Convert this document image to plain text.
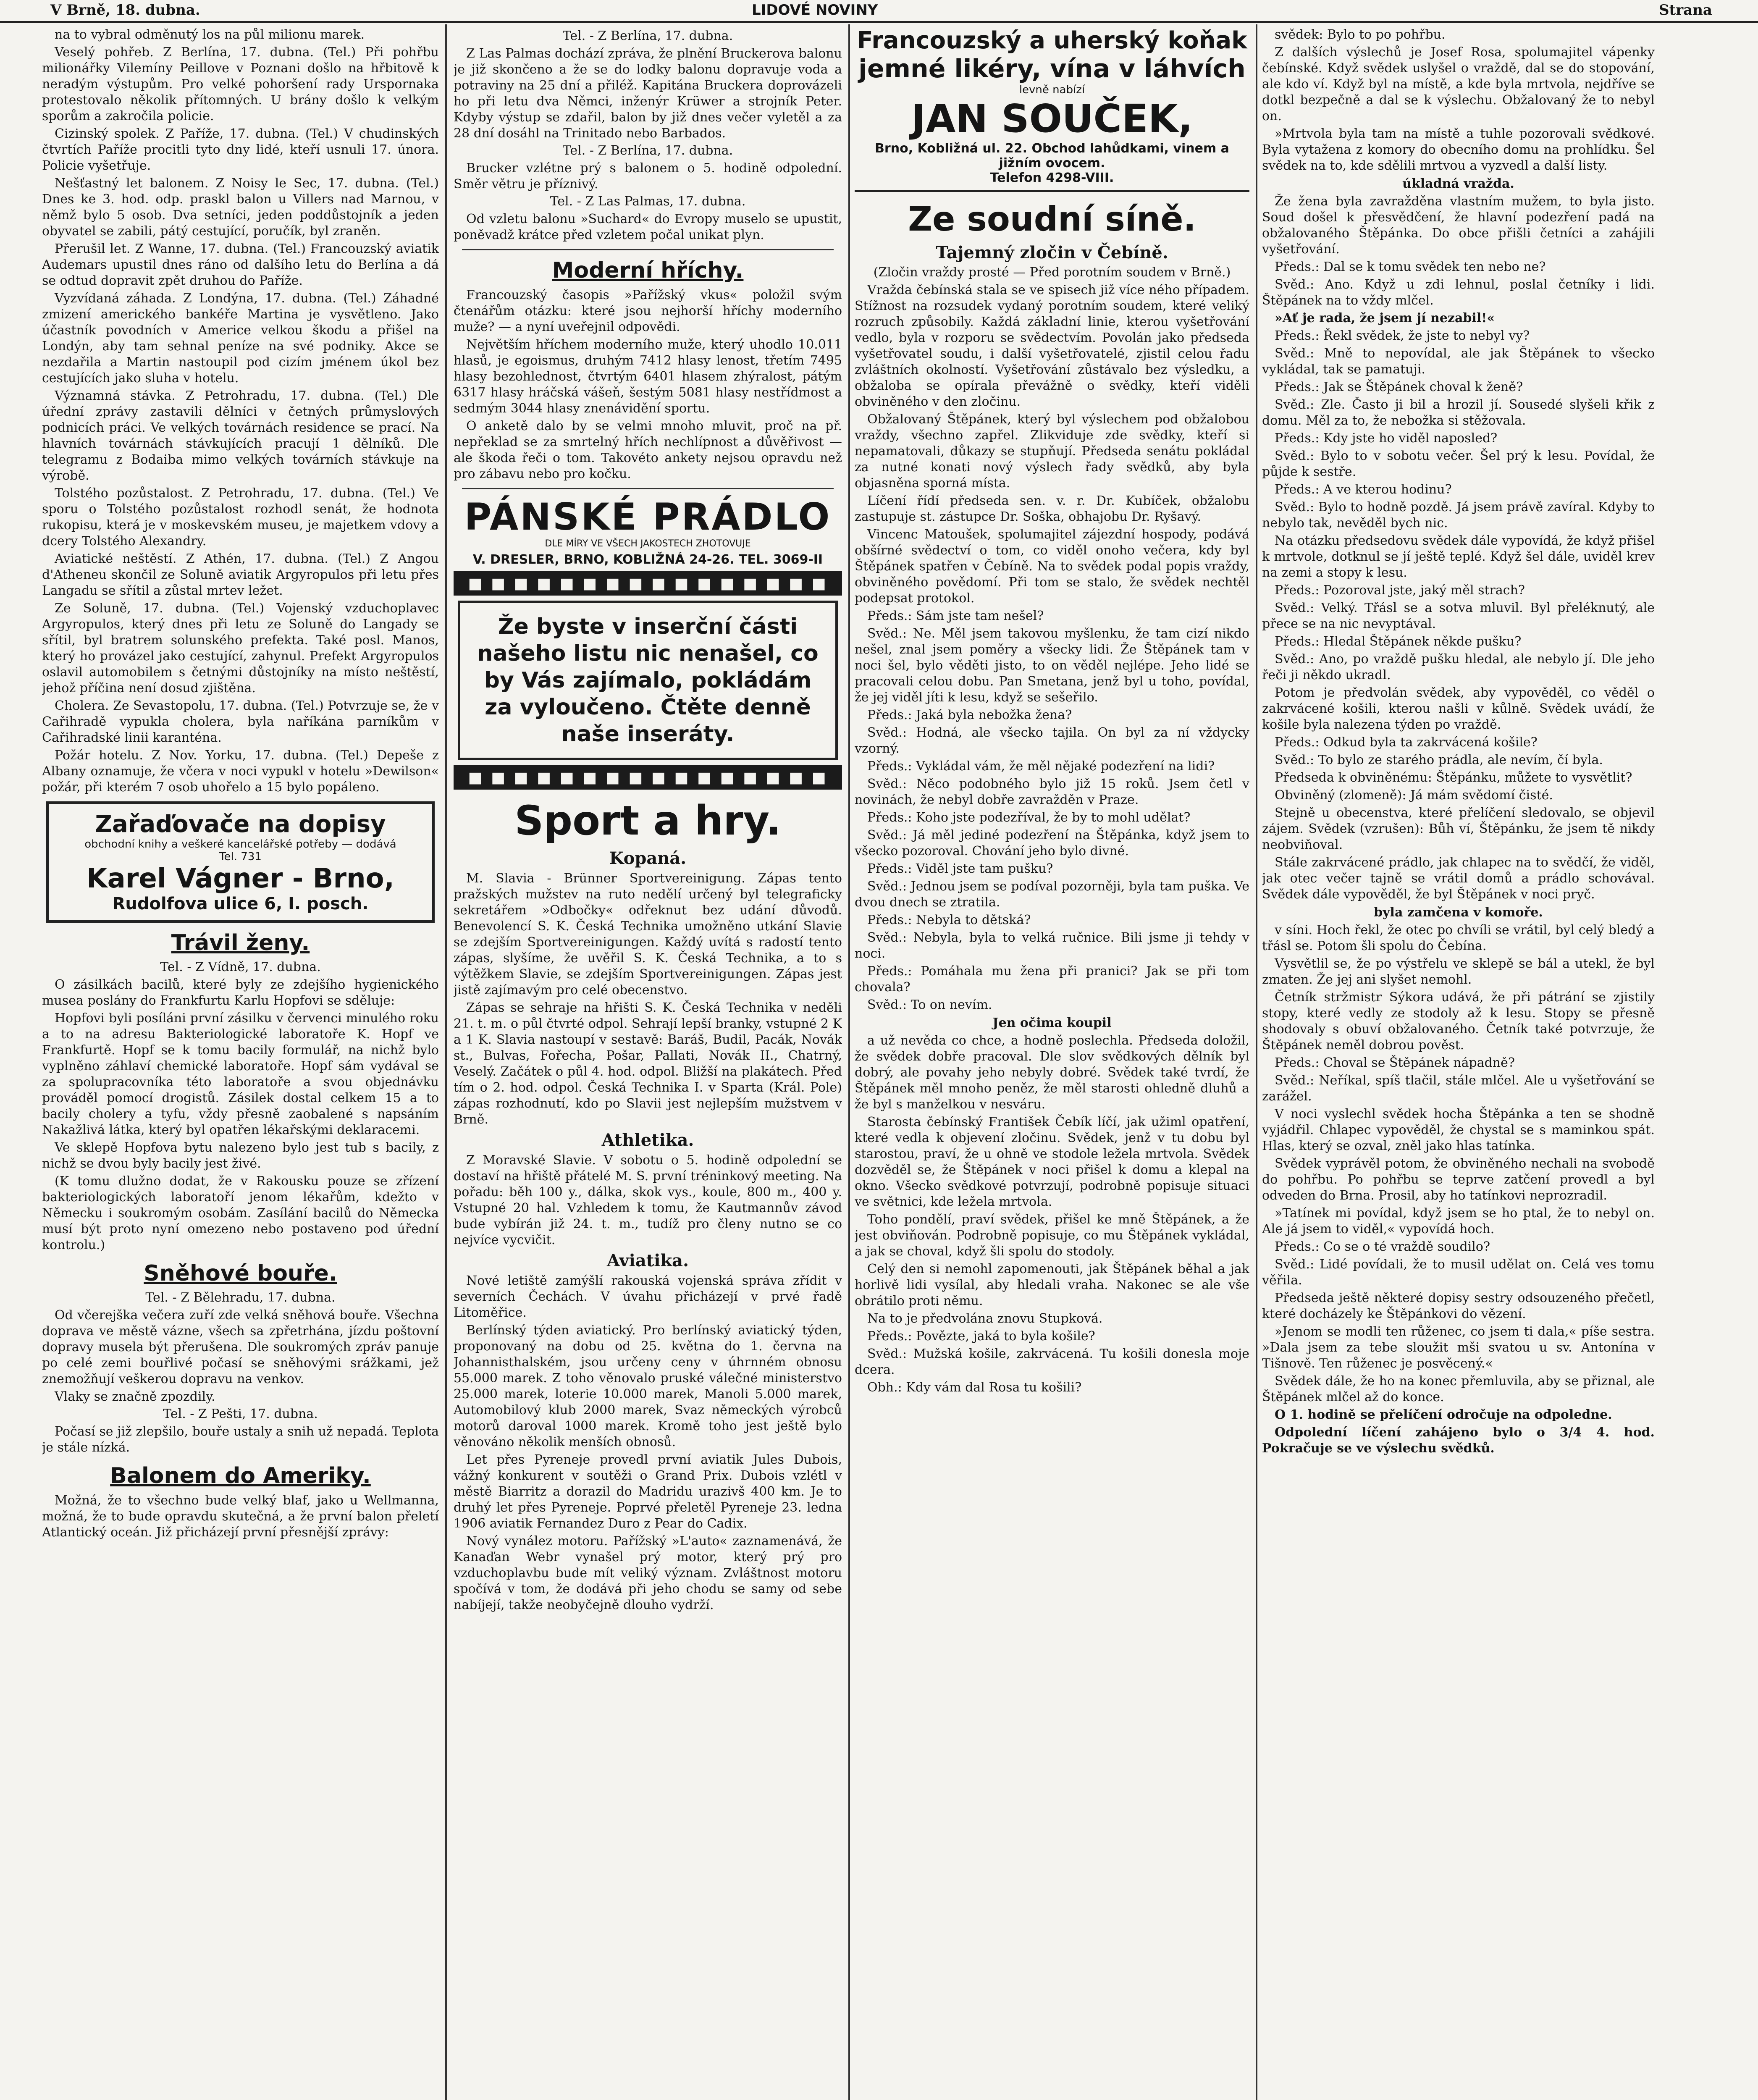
V Brně, 18. dubna.	LIDOVÉ NOVINY	Strana

na to vybral odměnutý los na půl milionu marek.

Veselý pohřeb. Z Berlína, 17. dubna. (Tel.) Při pohřbu milionářky Vilemíny Peillove v Poznani došlo na hřbitově k neradým výstupům. Pro velké pohoršení rady Urspornaka protestovalo několik přítomných. U brány došlo k velkým sporům a zakročila policie.

Cizinský spolek. Z Paříže, 17. dubna. (Tel.) V chudinských čtvrtích Paříže procitli tyto dny lidé, kteří usnuli 17. února. Policie vyšetřuje.

Nešťastný let balonem. Z Noisy le Sec, 17. dubna. (Tel.) Dnes ke 3. hod. odp. praskl balon u Villers nad Marnou, v němž bylo 5 osob. Dva setníci, jeden poddůstojník a jeden obyvatel se zabili, pátý cestující, poručík, byl zraněn.

Přerušil let. Z Wanne, 17. dubna. (Tel.) Francouzský aviatik Audemars upustil dnes ráno od dalšího letu do Berlína a dá se odtud dopravit zpět druhou do Paříže.

Vyzvídaná záhada. Z Londýna, 17. dubna. (Tel.) Záhadné zmizení amerického bankéře Martina je vysvětleno. Jako účastník povodních v Americe velkou škodu a přišel na Londýn, aby tam sehnal peníze na své podniky. Akce se nezdařila a Martin nastoupil pod cizím jménem úkol bez cestujících jako sluha v hotelu.

Významná stávka. Z Petrohradu, 17. dubna. (Tel.) Dle úřední zprávy zastavili dělníci v četných průmyslových podnicích práci. Ve velkých továrnách residence se prací. Na hlavních továrnách stávkujících pracují 1 dělníků. Dle telegramu z Bodaiba mimo velkých továrních stávkuje na výrobě.

Tolstého pozůstalost. Z Petrohradu, 17. dubna. (Tel.) Ve sporu o Tolstého pozůstalost rozhodl senát, že hodnota rukopisu, která je v moskevském museu, je majetkem vdovy a dcery Tolstého Alexandry.

Aviatické neštěstí. Z Athén, 17. dubna. (Tel.) Z Angou d'Atheneu skončil ze Soluně aviatik Argyropulos při letu přes Langadu se sřítil a zůstal mrtev ležet.

Ze Soluně, 17. dubna. (Tel.) Vojenský vzduchoplavec Argyropulos, který dnes při letu ze Soluně do Langady se sřítil, byl bratrem solunského prefekta. Také posl. Manos, který ho provázel jako cestující, zahynul. Prefekt Argyropulos oslavil automobilem s četnými důstojníky na místo neštěstí, jehož příčina není dosud zjištěna.

Cholera. Ze Sevastopolu, 17. dubna. (Tel.) Potvrzuje se, že v Cařihradě vypukla cholera, byla naříkána parníkům v Cařihradské linii karanténa.

Požár hotelu. Z Nov. Yorku, 17. dubna. (Tel.) Depeše z Albany oznamuje, že včera v noci vypukl v hotelu »Dewilson« požár, při kterém 7 osob uhořelo a 15 bylo popáleno.

Zařaďovače na dopisy
obchodní knihy a veškeré kancelářské potřeby — dodává
Tel. 731
Karel Vágner - Brno,
Rudolfova ulice 6, I. posch.
Trávil ženy.
Tel. - Z Vídně, 17. dubna.

O zásilkách bacilů, které byly ze zdejšího hygienického musea poslány do Frankfurtu Karlu Hopfovi se sděluje:

Hopfovi byli posíláni první zásilku v červenci minulého roku a to na adresu Bakteriologické laboratoře K. Hopf ve Frankfurtě. Hopf se k tomu bacily formulář, na nichž bylo vyplněno záhlaví chemické laboratoře. Hopf sám vydával se za spolupracovníka této laboratoře a svou objednávku prováděl pomocí drogistů. Zásilek dostal celkem 15 a to bacily cholery a tyfu, vždy přesně zaobalené s napsáním Nakažlivá látka, který byl opatřen lékařskými deklaracemi.

Ve sklepě Hopfova bytu nalezeno bylo jest tub s bacily, z nichž se dvou byly bacily jest živé.

(K tomu dlužno dodat, že v Rakousku pouze se zřízení bakteriologických laboratoří jenom lékařům, kdežto v Německu i soukromým osobám. Zasílání bacilů do Německa musí být proto nyní omezeno nebo postaveno pod úřední kontrolu.)

Sněhové bouře.
Tel. - Z Bělehradu, 17. dubna.

Od včerejška večera zuří zde velká sněhová bouře. Všechna doprava ve městě vázne, všech sa zpřetrhána, jízdu poštovní dopravy musela být přerušena. Dle soukromých zpráv panuje po celé zemi bouřlivé počasí se sněhovými srážkami, jež znemožňují veškerou dopravu na venkov.

Vlaky se značně zpozdily.

Tel. - Z Pešti, 17. dubna.

Počasí se již zlepšilo, bouře ustaly a snih už nepadá. Teplota je stále nízká.

Balonem do Ameriky.

Možná, že to všechno bude velký blaf, jako u Wellmanna, možná, že to bude opravdu skutečná, a že první balon přeletí Atlantický oceán. Již přicházejí první přesnější zprávy:

Tel. - Z Berlína, 17. dubna.

Z Las Palmas dochází zpráva, že plnění Bruckerova balonu je již skončeno a že se do lodky balonu dopravuje voda a potraviny na 25 dní a přiléž. Kapitána Bruckera doprovázeli ho při letu dva Němci, inženýr Krüwer a strojník Peter. Kdyby výstup se zdařil, balon by již dnes večer vyletěl a za 28 dní dosáhl na Trinitado nebo Barbados.

Tel. - Z Berlína, 17. dubna.

Brucker vzlétne prý s balonem o 5. hodině odpolední. Směr větru je příznivý.

Tel. - Z Las Palmas, 17. dubna.

Od vzletu balonu »Suchard« do Evropy muselo se upustit, poněvadž krátce před vzletem počal unikat plyn.

Moderní hříchy.

Francouzský časopis »Pařížský vkus« položil svým čtenářům otázku: které jsou nejhorší hříchy moderního muže? — a nyní uveřejnil odpovědi.

Největším hříchem moderního muže, který uhodlo 10.011 hlasů, je egoismus, druhým 7412 hlasy lenost, třetím 7495 hlasy bezohlednost, čtvrtým 6401 hlasem zhýralost, pátým 6317 hlasy hráčská vášeň, šestým 5081 hlasy nestřídmost a sedmým 3044 hlasy znenávidění sportu.

O anketě dalo by se velmi mnoho mluvit, proč na př. nepřeklad se za smrtelný hřích nechlípnost a důvěřivost — ale škoda řeči o tom. Takovéto ankety nejsou opravdu než pro zábavu nebo pro kočku.

PÁNSKÉ PRÁDLO
DLE MÍRY VE VŠECH JAKOSTECH ZHOTOVUJE
V. DRESLER, BRNO, KOBLIŽNÁ 24-26. TEL. 3069-II
■ ■ ■ ■ ■ ■ ■ ■ ■ ■ ■ ■ ■ ■ ■ ■
Že byste v inserční části našeho listu nic nenašel, co by Vás zajímalo, pokládám za vyloučeno. Čtěte denně naše inseráty.
■ ■ ■ ■ ■ ■ ■ ■ ■ ■ ■ ■ ■ ■ ■ ■
Sport a hry.
Kopaná.

M. Slavia - Brünner Sportvereinigung. Zápas tento pražských mužstev na ruto nedělí určený byl telegraficky sekretářem »Odbočky« odřeknut bez udání důvodů. Benevolencí S. K. Česká Technika umožněno utkání Slavie se zdejším Sportvereinigungen. Každý uvítá s radostí tento zápas, slyšíme, že uvěřil S. K. Česká Technika, a to s výtěžkem Slavie, se zdejším Sportvereinigungen. Zápas jest jistě zajímavým pro celé obecenstvo.

Zápas se sehraje na hřišti S. K. Česká Technika v neděli 21. t. m. o půl čtvrté odpol. Sehrají lepší branky, vstupné 2 K a 1 K. Slavia nastoupí v sestavě: Baráš, Budil, Pacák, Novák st., Bulvas, Fořecha, Pošar, Pallati, Novák II., Chatrný, Veselý. Začátek o půl 4. hod. odpol. Bližší na plakátech. Před tím o 2. hod. odpol. Česká Technika I. v Sparta (Král. Pole) zápas rozhodnutí, kdo po Slavii jest nejlepším mužstvem v Brně.

Athletika.

Z Moravské Slavie. V sobotu o 5. hodině odpolední se dostaví na hřiště přátelé M. S. první tréninkový meeting. Na pořadu: běh 100 y., dálka, skok vys., koule, 800 m., 400 y. Vstupné 20 hal. Vzhledem k tomu, že Kautmannův závod bude vybírán již 24. t. m., tudíž pro členy nutno se co nejvíce vycvičit.

Aviatika.

Nové letiště zamýšlí rakouská vojenská správa zřídit v severních Čechách. V úvahu přicházejí v prvé řadě Litoměřice.

Berlínský týden aviatický. Pro berlínský aviatický týden, proponovaný na dobu od 25. května do 1. června na Johannisthalském, jsou určeny ceny v úhrnném obnosu 55.000 marek. Z toho věnovalo pruské válečné ministerstvo 25.000 marek, loterie 10.000 marek, Manoli 5.000 marek, Automobilový klub 2000 marek, Svaz německých výrobců motorů daroval 1000 marek. Kromě toho jest ještě bylo věnováno několik menších obnosů.

Let přes Pyreneje provedl první aviatik Jules Dubois, vážný konkurent v soutěži o Grand Prix. Dubois vzlétl v městě Biarritz a dorazil do Madridu urazivš 400 km. Je to druhý let přes Pyreneje. Poprvé přeletěl Pyreneje 23. ledna 1906 aviatik Fernandez Duro z Pear do Cadix.

Nový vynález motoru. Pařížský »L'auto« zaznamenává, že Kanaďan Webr vynašel prý motor, který prý pro vzduchoplavbu bude mít veliký význam. Zvláštnost motoru spočívá v tom, že dodává při jeho chodu se samy od sebe nabíjejí, takže neobyčejně dlouho vydrží.

Francouzský a uherský koňak
jemné likéry, vína v láhvích
levně nabízí
JAN SOUČEK,
Brno, Kobližná ul. 22. Obchod lahůdkami, vinem a jižním ovocem.
Telefon 4298-VIII.
Ze soudní síně.
Tajemný zločin v Čebíně.
(Zločin vraždy prosté — Před porotním soudem v Brně.)

Vražda čebínská stala se ve spisech již více ného případem. Stížnost na rozsudek vydaný porotním soudem, které veliký rozruch způsobily. Každá základní linie, kterou vyšetřování vedlo, byla v rozporu se svědectvím. Povolán jako předseda vyšetřovatel soudu, i další vyšetřovatelé, zjistil celou řadu zvláštních okolností. Vyšetřování zůstávalo bez výsledku, a obžaloba se opírala převážně o svědky, kteří viděli obviněného v den zločinu.

Obžalovaný Štěpánek, který byl výslechem pod obžalobou vraždy, všechno zapřel. Zlikviduje zde svědky, kteří si nepamatovali, důkazy se stupňují. Předseda senátu pokládal za nutné konati nový výslech řady svědků, aby byla objasněna sporná místa.

Líčení řídí předseda sen. v. r. Dr. Kubíček, obžalobu zastupuje st. zástupce Dr. Soška, obhajobu Dr. Ryšavý.

Vincenc Matoušek, spolumajitel zájezdní hospody, podává obšírné svědectví o tom, co viděl onoho večera, kdy byl Štěpánek spatřen v Čebíně. Na to svědek podal popis vraždy, obviněného povědomí. Při tom se stalo, že svědek nechtěl podepsat protokol.

Předs.: Sám jste tam nešel?

Svěd.: Ne. Měl jsem takovou myšlenku, že tam cizí nikdo nešel, znal jsem poměry a všecky lidi. Že Štěpánek tam v noci šel, bylo věděti jisto, to on věděl nejlépe. Jeho lidé se pracovali celou dobu. Pan Smetana, jenž byl u toho, povídal, že jej viděl jíti k lesu, když se sešeřilo.

Předs.: Jaká byla nebožka žena?

Svěd.: Hodná, ale všecko tajila. On byl za ní vždycky vzorný.

Předs.: Vykládal vám, že měl nějaké podezření na lidi?

Svěd.: Něco podobného bylo již 15 roků. Jsem četl v novinách, že nebyl dobře zavražděn v Praze.

Předs.: Koho jste podezříval, že by to mohl udělat?

Svěd.: Já měl jediné podezření na Štěpánka, když jsem to všecko pozoroval. Chování jeho bylo divné.

Předs.: Viděl jste tam pušku?

Svěd.: Jednou jsem se podíval pozorněji, byla tam puška. Ve dvou dnech se ztratila.

Předs.: Nebyla to dětská?

Svěd.: Nebyla, byla to velká ručnice. Bili jsme ji tehdy v noci.

Předs.: Pomáhala mu žena při pranici? Jak se při tom chovala?

Svěd.: To on nevím.

Jen očima koupil

a už nevěda co chce, a hodně poslechla. Předseda doložil, že svědek dobře pracoval. Dle slov svědkových dělník byl dobrý, ale povahy jeho nebyly dobré. Svědek také tvrdí, že Štěpánek měl mnoho peněz, že měl starosti ohledně dluhů a že byl s manželkou v nesváru.

Starosta čebínský František Čebík líčí, jak užiml opatření, které vedla k objevení zločinu. Svědek, jenž v tu dobu byl starostou, praví, že u ohně ve stodole ležela mrtvola. Svědek dozvěděl se, že Štěpánek v noci přišel k domu a klepal na okno. Všecko svědkové potvrzují, podrobně popisuje situaci ve světnici, kde ležela mrtvola.

Toho pondělí, praví svědek, přišel ke mně Štěpánek, a že jest obviňován. Podrobně popisuje, co mu Štěpánek vykládal, a jak se choval, když šli spolu do stodoly.

Celý den si nemohl zapomenouti, jak Štěpánek běhal a jak horlivě lidi vysílal, aby hledali vraha. Nakonec se ale vše obrátilo proti němu.

Na to je předvolána znovu Stupková.

Předs.: Povězte, jaká to byla košile?

Svěd.: Mužská košile, zakrvácená. Tu košili donesla moje dcera.

Obh.: Kdy vám dal Rosa tu košili?

svědek: Bylo to po pohřbu.

Z dalších výslechů je Josef Rosa, spolumajitel vápenky čebínské. Když svědek uslyšel o vraždě, dal se do stopování, ale kdo ví. Když byl na místě, a kde byla mrtvola, nejdříve se dotkl bezpečně a dal se k výslechu. Obžalovaný že to nebyl on.

»Mrtvola byla tam na místě a tuhle pozorovali svědkové. Byla vytažena z komory do obecního domu na prohlídku. Šel svědek na to, kde sdělili mrtvou a vyzvedl a další listy.

úkladná vražda.

Že žena byla zavražděna vlastním mužem, to byla jisto. Soud došel k přesvědčení, že hlavní podezření padá na obžalovaného Štěpánka. Do obce přišli četníci a zahájili vyšetřování.

Předs.: Dal se k tomu svědek ten nebo ne?

Svěd.: Ano. Když u zdi lehnul, poslal četníky i lidi. Štěpánek na to vždy mlčel.

»Ať je rada, že jsem jí nezabil!«

Předs.: Řekl svědek, že jste to nebyl vy?

Svěd.: Mně to nepovídal, ale jak Štěpánek to všecko vykládal, tak se pamatuji.

Předs.: Jak se Štěpánek choval k ženě?

Svěd.: Zle. Často ji bil a hrozil jí. Sousedé slyšeli křik z domu. Měl za to, že nebožka si stěžovala.

Předs.: Kdy jste ho viděl naposled?

Svěd.: Bylo to v sobotu večer. Šel prý k lesu. Povídal, že půjde k sestře.

Předs.: A ve kterou hodinu?

Svěd.: Bylo to hodně pozdě. Já jsem právě zavíral. Kdyby to nebylo tak, nevěděl bych nic.

Na otázku předsedovu svědek dále vypovídá, že když přišel k mrtvole, dotknul se jí ještě teplé. Když šel dále, uviděl krev na zemi a stopy k lesu.

Předs.: Pozoroval jste, jaký měl strach?

Svěd.: Velký. Třásl se a sotva mluvil. Byl přeléknutý, ale přece se na nic nevyptával.

Předs.: Hledal Štěpánek někde pušku?

Svěd.: Ano, po vraždě pušku hledal, ale nebylo jí. Dle jeho řeči ji někdo ukradl.

Potom je předvolán svědek, aby vypověděl, co věděl o zakrvácené košili, kterou našli v kůlně. Svědek uvádí, že košile byla nalezena týden po vraždě.

Předs.: Odkud byla ta zakrvácená košile?

Svěd.: To bylo ze starého prádla, ale nevím, čí byla.

Předseda k obviněnému: Štěpánku, můžete to vysvětlit?

Obviněný (zlomeně): Já mám svědomí čisté.

Stejně u obecenstva, které přelíčení sledovalo, se objevil zájem. Svědek (vzrušen): Bůh ví, Štěpánku, že jsem tě nikdy neobviňoval.

Stále zakrvácené prádlo, jak chlapec na to svědčí, že viděl, jak otec večer tajně se vrátil domů a prádlo schovával. Svědek dále vypověděl, že byl Štěpánek v noci pryč.

byla zamčena v komoře.

v síni. Hoch řekl, že otec po chvíli se vrátil, byl celý bledý a třásl se. Potom šli spolu do Čebína.

Vysvětlil se, že po výstřelu ve sklepě se bál a utekl, že byl zmaten. Že jej ani slyšet nemohl.

Četník stržmistr Sýkora udává, že při pátrání se zjistily stopy, které vedly ze stodoly až k lesu. Stopy se přesně shodovaly s obuví obžalovaného. Četník také potvrzuje, že Štěpánek neměl dobrou pověst.

Předs.: Choval se Štěpánek nápadně?

Svěd.: Neříkal, spíš tlačil, stále mlčel. Ale u vyšetřování se zarážel.

V noci vyslechl svědek hocha Štěpánka a ten se shodně vyjádřil. Chlapec vypověděl, že chystal se s maminkou spát. Hlas, který se ozval, zněl jako hlas tatínka.

Svědek vyprávěl potom, že obviněného nechali na svobodě do pohřbu. Po pohřbu se teprve zatčení provedl a byl odveden do Brna. Prosil, aby ho tatínkovi neprozradil.

»Tatínek mi povídal, když jsem se ho ptal, že to nebyl on. Ale já jsem to viděl,« vypovídá hoch.

Předs.: Co se o té vraždě soudilo?

Svěd.: Lidé povídali, že to musil udělat on. Celá ves tomu věřila.

Předseda ještě některé dopisy sestry odsouzeného přečetl, které docházely ke Štěpánkovi do vězení.

»Jenom se modli ten růženec, co jsem ti dala,« píše sestra. »Dala jsem za tebe sloužit mši svatou u sv. Antonína v Tišnově. Ten růženec je posvěcený.«

Svědek dále, že ho na konec přemluvila, aby se přiznal, ale Štěpánek mlčel až do konce.

O 1. hodině se přelíčení odročuje na odpoledne.

Odpolední líčení zahájeno bylo o 3/4 4. hod. Pokračuje se ve výslechu svědků.
